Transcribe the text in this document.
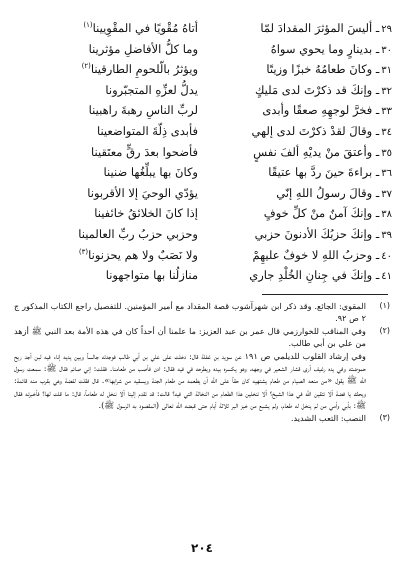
٢٩ـ أليسَ المؤثرَ المقدادَ لمّا
أتاهُ مُقْويًا في المقْوِيينا$^{(١)}$
٣٠ـ بدينارٍ وما يحوي سواهُ
وما كلُّ الأفاضلِ مؤثرينا
٣١ـ وكانَ طعامُهُ خبزًا وزيتًا
ويؤثرُ بالّلحومِ الطارقينا$^{(٢)}$
٣٢ـ وإنكَ قد ذكرْتَ لدى مَليكٍ
يدلُّ لعزِّهِ المتجبّرونا
٣٣ـ فخرَّ لوجهِهِ صعقًا وأبدى
لربِّ الناسِ رهبةَ راهبينا
٣٤ـ وقالَ لقدْ ذكرْتَ لدى إلهي
فأبدى ذِلّةَ المتواضعينا
٣٥ـ وأعتقَ منْ يديْهِ ألفَ نفسٍ
فأضحوا بعدَ رقٍّ معتَقينا
٣٦ـ براءةَ حينَ ردَّ بها عتيقًا
وكانَ بها يبلِّغُها ضنينا
٣٧ـ وقالَ رسولُ اللهِ إنّي
يؤدّي الوحيَ إلا الأقربونا
٣٨ـ وإنكَ آمنٌ منْ كلِّ خوفٍ
إذا كانَ الخلائقُ خائفينا
٣٩ـ وإنكَ حزبُكَ الأدنونَ حزبي
وحزبي حزبُ ربِّ العالمينا
٤٠ـ وحزبُ اللهِ لا خوفٌ عليهِمْ
ولا نَصَبٌ ولا هم يحزنونا$^{(٣)}$
٤١ـ وإنكَ في جِنانِ الخُلْدِ جاري
منازلُنا بها متواجهونا
(١)

المقوي: الجائع. وقد ذكر ابن شهرآشوب قصة المقداد مع أمير المؤمنين. للتفصيل راجع الكتاب المذكور ج ٢ ص ٩٢.

(٢)

وفي المناقب للخوارزمي قال عمر بن عبد العزيز: ما علمنا أن أحداً كان في هذه الأمة بعد النبي ﷺ أزهد من علي بن أبي طالب.

وفي إرشاد القلوب للديلمي ص ١٩١ عن سويد بن غفلة قال: دخلت على علي بن أبي طالب فوجدته جالساً وبين يديه إناء فيه لبن أجد ريح حموضته وفي يده رغيف أرى قشار الشعير في وجهه، وهو يكسره بيده ويطرحه في فيه فقال: ادن فأصب من طعامنا. فقلت: إني صائم فقال ﷺ: سمعت رسول الله ﷺ يقول «من منعه الصيام من طعام يشتهيه كان حقاً على الله أن يطعمه من طعام الجنة ويسقيه من شرابها». قال فقلت لفضة وهي بقرب منه قائمة: ويحك يا فضة ألا تتقين الله في هذا الشيخ؟ ألا تنخلين هذا الطعام من النخالة التي فيه؟ قالت: قد تقدم إلينا ألا ننخل له طعاماً، قال: ما قلت لها؟ فأخبرته فقال ﷺ: بأبي وأمي من لم ينخل له طعام، ولم يشبع من خبز البر ثلاثة أيام حتى قبضه الله تعالى (المقصود به الرسول ﷺ).

(٣)

النصب: التعب الشديد.

٢٠٤
